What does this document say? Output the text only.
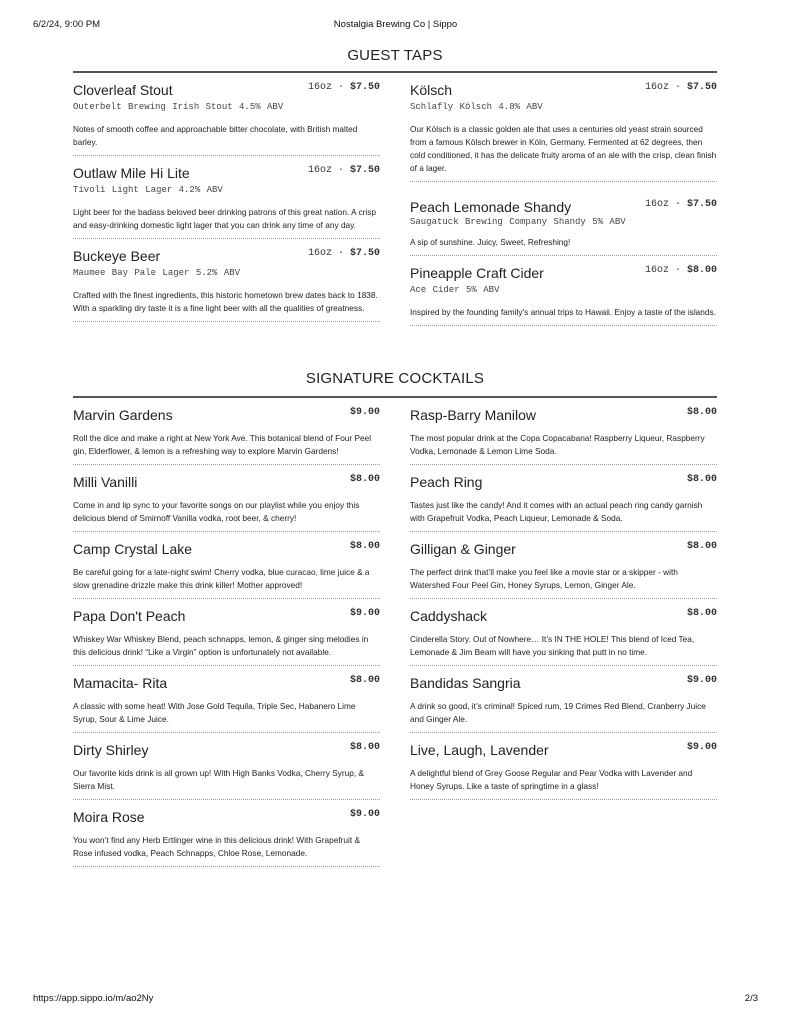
6/2/24, 9:00 PM	Nostalgia Brewing Co | Sippo
GUEST TAPS
Cloverleaf Stout	16oz · $7.50
Outerbelt Brewing Irish Stout 4.5% ABV
Notes of smooth coffee and approachable bitter chocolate, with British malted barley.
Outlaw Mile Hi Lite	16oz · $7.50
Tivoli Light Lager 4.2% ABV
Light beer for the badass beloved beer drinking patrons of this great nation. A crisp and easy-drinking domestic light lager that you can drink any time of any day.
Buckeye Beer	16oz · $7.50
Maumee Bay Pale Lager 5.2% ABV
Crafted with the finest ingredients, this historic hometown brew dates back to 1838. With a sparkling dry taste it is a fine light beer with all the qualities of greatness.
Kölsch	16oz · $7.50
Schlafly Kölsch 4.8% ABV
Our Kölsch is a classic golden ale that uses a centuries old yeast strain sourced from a famous Kölsch brewer in Köln, Germany. Fermented at 62 degrees, then cold conditioned, it has the delicate fruity aroma of an ale with the crisp, clean finish of a lager.
Peach Lemonade Shandy	16oz · $7.50
Saugatuck Brewing Company Shandy 5% ABV
A sip of sunshine. Juicy, Sweet, Refreshing!
Pineapple Craft Cider	16oz · $8.00
Ace Cider 5% ABV
Inspired by the founding family's annual trips to Hawaii. Enjoy a taste of the islands.
SIGNATURE COCKTAILS
Marvin Gardens	$9.00
Roll the dice and make a right at New York Ave. This botanical blend of Four Peel gin, Elderflower, & lemon is a refreshing way to explore Marvin Gardens!
Milli Vanilli	$8.00
Come in and lip sync to your favorite songs on our playlist while you enjoy this delicious blend of Smirnoff Vanilla vodka, root beer, & cherry!
Camp Crystal Lake	$8.00
Be careful going for a late-night swim! Cherry vodka, blue curacao, lime juice & a slow grenadine drizzle make this drink killer! Mother approved!
Papa Don't Peach	$9.00
Whiskey War Whiskey Blend, peach schnapps, lemon, & ginger sing melodies in this delicious drink! “Like a Virgin” option is unfortunately not available.
Mamacita- Rita	$8.00
A classic with some heat! With Jose Gold Tequila, Triple Sec, Habanero Lime Syrup, Sour & Lime Juice.
Dirty Shirley	$8.00
Our favorite kids drink is all grown up! With High Banks Vodka, Cherry Syrup, & Sierra Mist.
Moira Rose	$9.00
You won’t find any Herb Ertlinger wine in this delicious drink! With Grapefruit & Rose infused vodka, Peach Schnapps, Chloe Rose, Lemonade.
Rasp-Barry Manilow	$8.00
The most popular drink at the Copa Copacabana! Raspberry Liqueur, Raspberry Vodka, Lemonade & Lemon Lime Soda.
Peach Ring	$8.00
Tastes just like the candy! And it comes with an actual peach ring candy garnish with Grapefruit Vodka, Peach Liqueur, Lemonade & Soda.
Gilligan & Ginger	$8.00
The perfect drink that’ll make you feel like a movie star or a skipper - with Watershed Four Peel Gin, Honey Syrups, Lemon, Ginger Ale.
Caddyshack	$8.00
Cinderella Story. Out of Nowhere… It’s IN THE HOLE! This blend of Iced Tea, Lemonade & Jim Beam will have you sinking that putt in no time.
Bandidas Sangria	$9.00
A drink so good, it’s criminal! Spiced rum, 19 Crimes Red Blend, Cranberry Juice and Ginger Ale.
Live, Laugh, Lavender	$9.00
A delightful blend of Grey Goose Regular and Pear Vodka with Lavender and Honey Syrups. Like a taste of springtime in a glass!
https://app.sippo.io/m/ao2Ny	2/3
